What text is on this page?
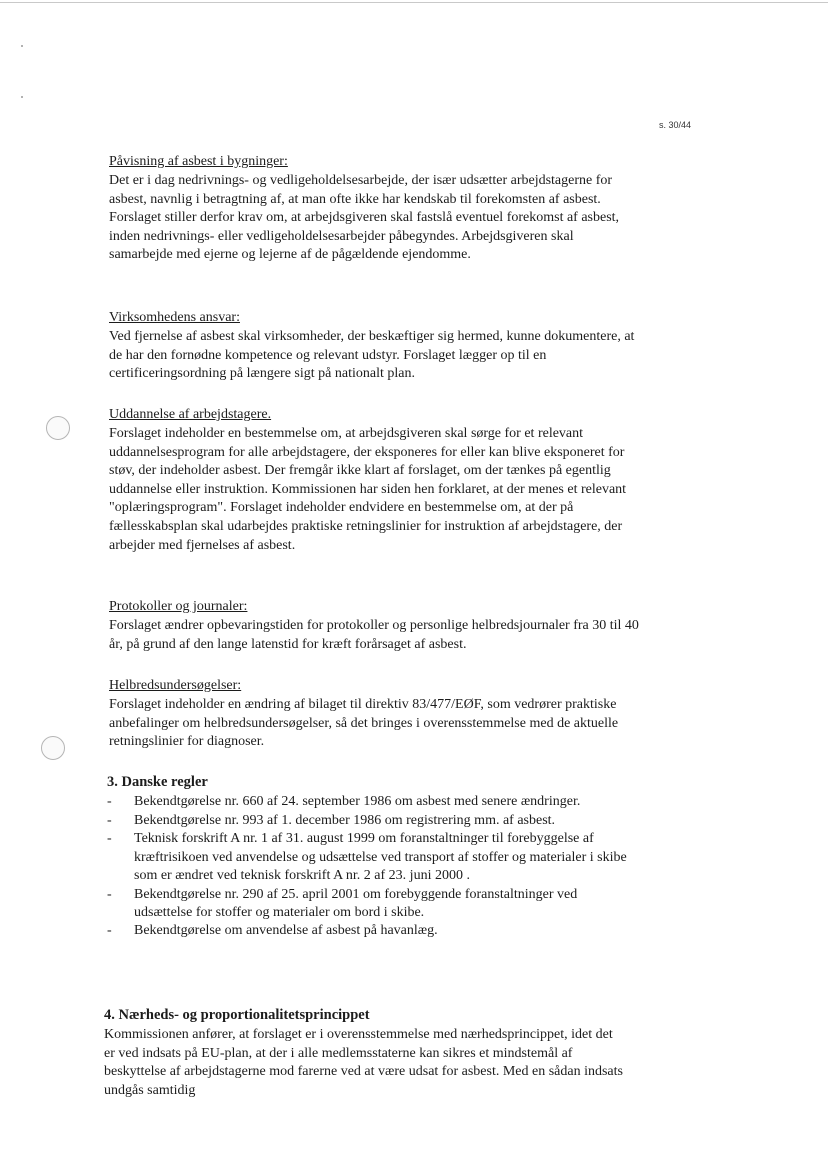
s. 30/44

Påvisning af asbest i bygninger:

Det er i dag nedrivnings- og vedligeholdelsesarbejde, der især udsætter arbejdstagerne for asbest, navnlig i betragtning af, at man ofte ikke har kendskab til forekomsten af asbest. Forslaget stiller derfor krav om, at arbejdsgiveren skal fastslå eventuel forekomst af asbest, inden nedrivnings- eller vedligeholdelsesarbejder påbegyndes. Arbejdsgiveren skal samarbejde med ejerne og lejerne af de pågældende ejendomme.

Virksomhedens ansvar:

Ved fjernelse af asbest skal virksomheder, der beskæftiger sig hermed, kunne dokumentere, at de har den fornødne kompetence og relevant udstyr. Forslaget lægger op til en certificeringsordning på længere sigt på nationalt plan.

Uddannelse af arbejdstagere.

Forslaget indeholder en bestemmelse om, at arbejdsgiveren skal sørge for et relevant uddannelsesprogram for alle arbejdstagere, der eksponeres for eller kan blive eksponeret for støv, der indeholder asbest. Der fremgår ikke klart af forslaget, om der tænkes på egentlig uddannelse eller instruktion. Kommissionen har siden hen forklaret, at der menes et relevant "oplæringsprogram". Forslaget indeholder endvidere en bestemmelse om, at der på fællesskabsplan skal udarbejdes praktiske retningslinier for instruktion af arbejdstagere, der arbejder med fjernelses af asbest.

Protokoller og journaler:

Forslaget ændrer opbevaringstiden for protokoller og personlige helbredsjournaler fra 30 til 40 år, på grund af den lange latenstid for kræft forårsaget af asbest.

Helbredsundersøgelser:

Forslaget indeholder en ændring af bilaget til direktiv 83/477/EØF, som vedrører praktiske anbefalinger om helbredsundersøgelser, så det bringes i overensstemmelse med de aktuelle retningslinier for diagnoser.

3. Danske regler

- Bekendtgørelse nr. 660 af 24. september 1986 om asbest med senere ændringer.
- Bekendtgørelse nr. 993 af 1. december 1986 om registrering mm. af asbest.
- Teknisk forskrift A nr. 1 af 31. august 1999 om foranstaltninger til forebyggelse af kræftrisikoen ved anvendelse og udsættelse ved transport af stoffer og materialer i skibe som er ændret ved teknisk forskrift A nr. 2 af 23. juni 2000 .
- Bekendtgørelse nr. 290 af 25. april 2001 om forebyggende foranstaltninger ved udsættelse for stoffer og materialer om bord i skibe.
- Bekendtgørelse om anvendelse af asbest på havanlæg.

4. Nærheds- og proportionalitetsprincippet

Kommissionen anfører, at forslaget er i overensstemmelse med nærhedsprincippet, idet det er ved indsats på EU-plan, at der i alle medlemsstaterne kan sikres et mindstemål af beskyttelse af arbejdstagerne mod farerne ved at være udsat for asbest. Med en sådan indsats undgås samtidig
